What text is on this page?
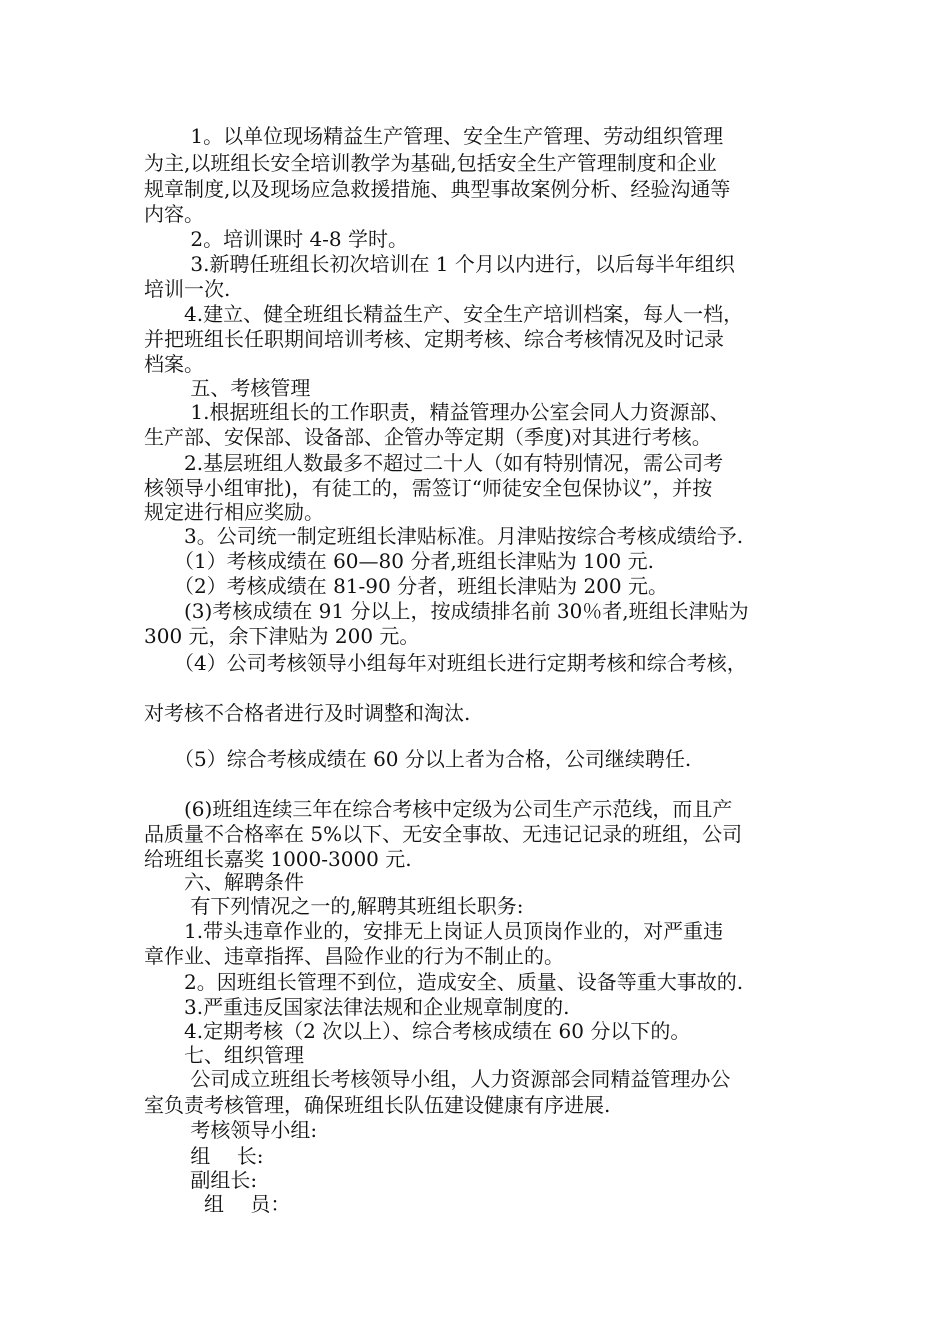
　　 1。以单位现场精益生产管理、安全生产管理、劳动组织管理
为主,以班组长安全培训教学为基础,包括安全生产管理制度和企业
规章制度,以及现场应急救援措施、典型事故案例分析、经验沟通等
内容。
　　 2。培训课时 4-8 学时。
　　 3.新聘任班组长初次培训在 1 个月以内进行，以后每半年组织
培训一次.
　　4.建立、健全班组长精益生产、安全生产培训档案，每人一档，
并把班组长任职期间培训考核、定期考核、综合考核情况及时记录
档案。
　　 五、考核管理
　　 1.根据班组长的工作职责，精益管理办公室会同人力资源部、
生产部、安保部、设备部、企管办等定期（季度)对其进行考核。
　　2.基层班组人数最多不超过二十人（如有特别情况，需公司考
核领导小组审批)，有徒工的，需签订“师徒安全包保协议”，并按
规定进行相应奖励。
　　3。公司统一制定班组长津贴标准。月津贴按综合考核成绩给予.
　　（1）考核成绩在 60—80 分者,班组长津贴为 100 元.
　　（2）考核成绩在 81-90 分者，班组长津贴为 200 元。
　　(3)考核成绩在 91 分以上，按成绩排名前 30％者,班组长津贴为
300 元，余下津贴为 200 元。
　　（4）公司考核领导小组每年对班组长进行定期考核和综合考核，
对考核不合格者进行及时调整和淘汰.
　　（5）综合考核成绩在 60 分以上者为合格，公司继续聘任.
　　(6)班组连续三年在综合考核中定级为公司生产示范线，而且产
品质量不合格率在 5%以下、无安全事故、无违记记录的班组，公司
给班组长嘉奖 1000-3000 元.
　　六、解聘条件
　　 有下列情况之一的,解聘其班组长职务:
　　1.带头违章作业的，安排无上岗证人员顶岗作业的，对严重违
章作业、违章指挥、昌险作业的行为不制止的。
　　2。因班组长管理不到位，造成安全、质量、设备等重大事故的.
　　3.严重违反国家法律法规和企业规章制度的.
　　4.定期考核（2 次以上）、综合考核成绩在 60 分以下的。
　　七、组织管理
　　 公司成立班组长考核领导小组，人力资源部会同精益管理办公
室负责考核管理，确保班组长队伍建设健康有序进展.
　　 考核领导小组:
　　 组　 长:
　　 副组长:
　　　组　 员：
